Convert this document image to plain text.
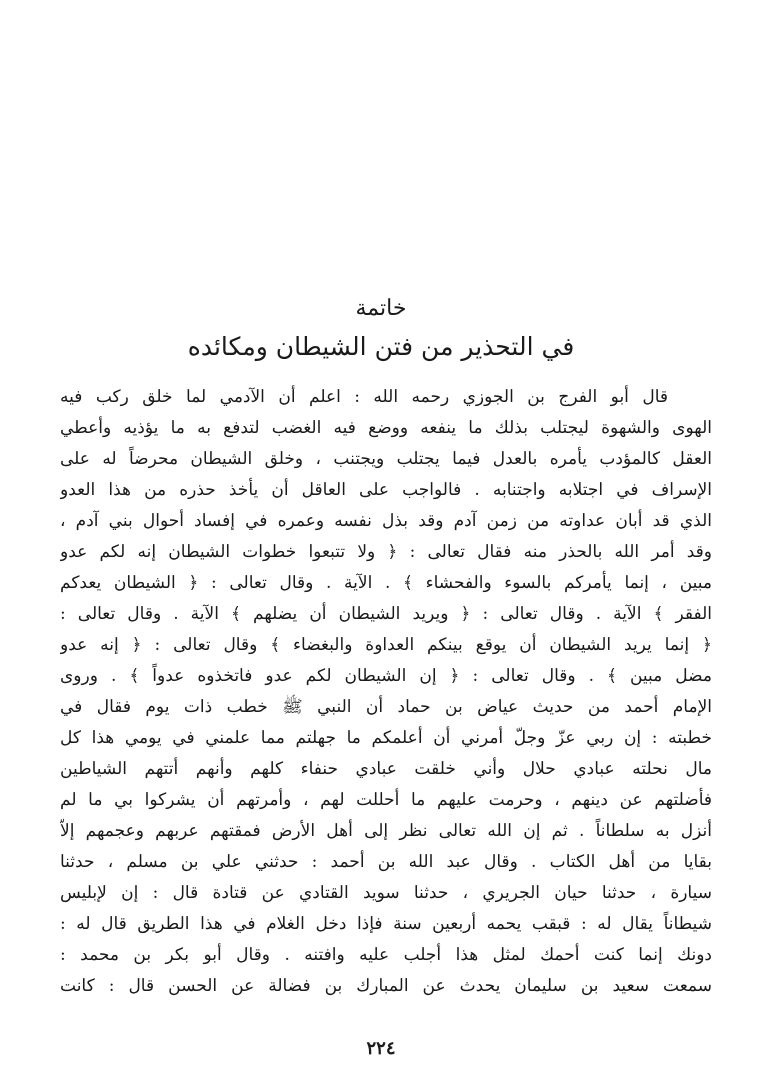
خاتمة
في التحذير من فتن الشيطان ومكائده
قال أبو الفرج بن الجوزي رحمه الله : اعلم أن الآدمي لما خلق ركب فيه
الهوى والشهوة ليجتلب بذلك ما ينفعه ووضع فيه الغضب لتدفع به ما يؤذيه وأعطي
العقل كالمؤدب يأمره بالعدل فيما يجتلب ويجتنب ، وخلق الشيطان محرضاً له على
الإسراف في اجتلابه واجتنابه . فالواجب على العاقل أن يأخذ حذره من هذا العدو
الذي قد أبان عداوته من زمن آدم وقد بذل نفسه وعمره في إفساد أحوال بني آدم ،
وقد أمر الله بالحذر منه فقال تعالى : ﴿ ولا تتبعوا خطوات الشيطان إنه لكم عدو
مبين ، إنما يأمركم بالسوء والفحشاء ﴾ . الآية . وقال تعالى : ﴿ الشيطان يعدكم
الفقر ﴾ الآية . وقال تعالى : ﴿ ويريد الشيطان أن يضلهم ﴾ الآية . وقال تعالى :
﴿ إنما يريد الشيطان أن يوقع بينكم العداوة والبغضاء ﴾ وقال تعالى : ﴿ إنه عدو
مضل مبين ﴾ . وقال تعالى : ﴿ إن الشيطان لكم عدو فاتخذوه عدواً ﴾ . وروى
الإمام أحمد من حديث عياض بن حماد أن النبي ﷺ خطب ذات يوم فقال في
خطبته : إن ربي عزّ وجلّ أمرني أن أعلمكم ما جهلتم مما علمني في يومي هذا كل
مال نحلته عبادي حلال وأني خلقت عبادي حنفاء كلهم وأنهم أتتهم الشياطين
فأضلتهم عن دينهم ، وحرمت عليهم ما أحللت لهم ، وأمرتهم أن يشركوا بي ما لم
أنزل به سلطاناً . ثم إن الله تعالى نظر إلى أهل الأرض فمقتهم عربهم وعجمهم إلاّ
بقايا من أهل الكتاب . وقال عبد الله بن أحمد : حدثني علي بن مسلم ، حدثنا
سيارة ، حدثنا حيان الجريري ، حدثنا سويد القتادي عن قتادة قال : إن لإبليس
شيطاناً يقال له : قبقب يحمه أربعين سنة فإذا دخل الغلام في هذا الطريق قال له :
دونك إنما كنت أحمك لمثل هذا أجلب عليه وافتنه . وقال أبو بكر بن محمد :
سمعت سعيد بن سليمان يحدث عن المبارك بن فضالة عن الحسن قال : كانت
٢٢٤
